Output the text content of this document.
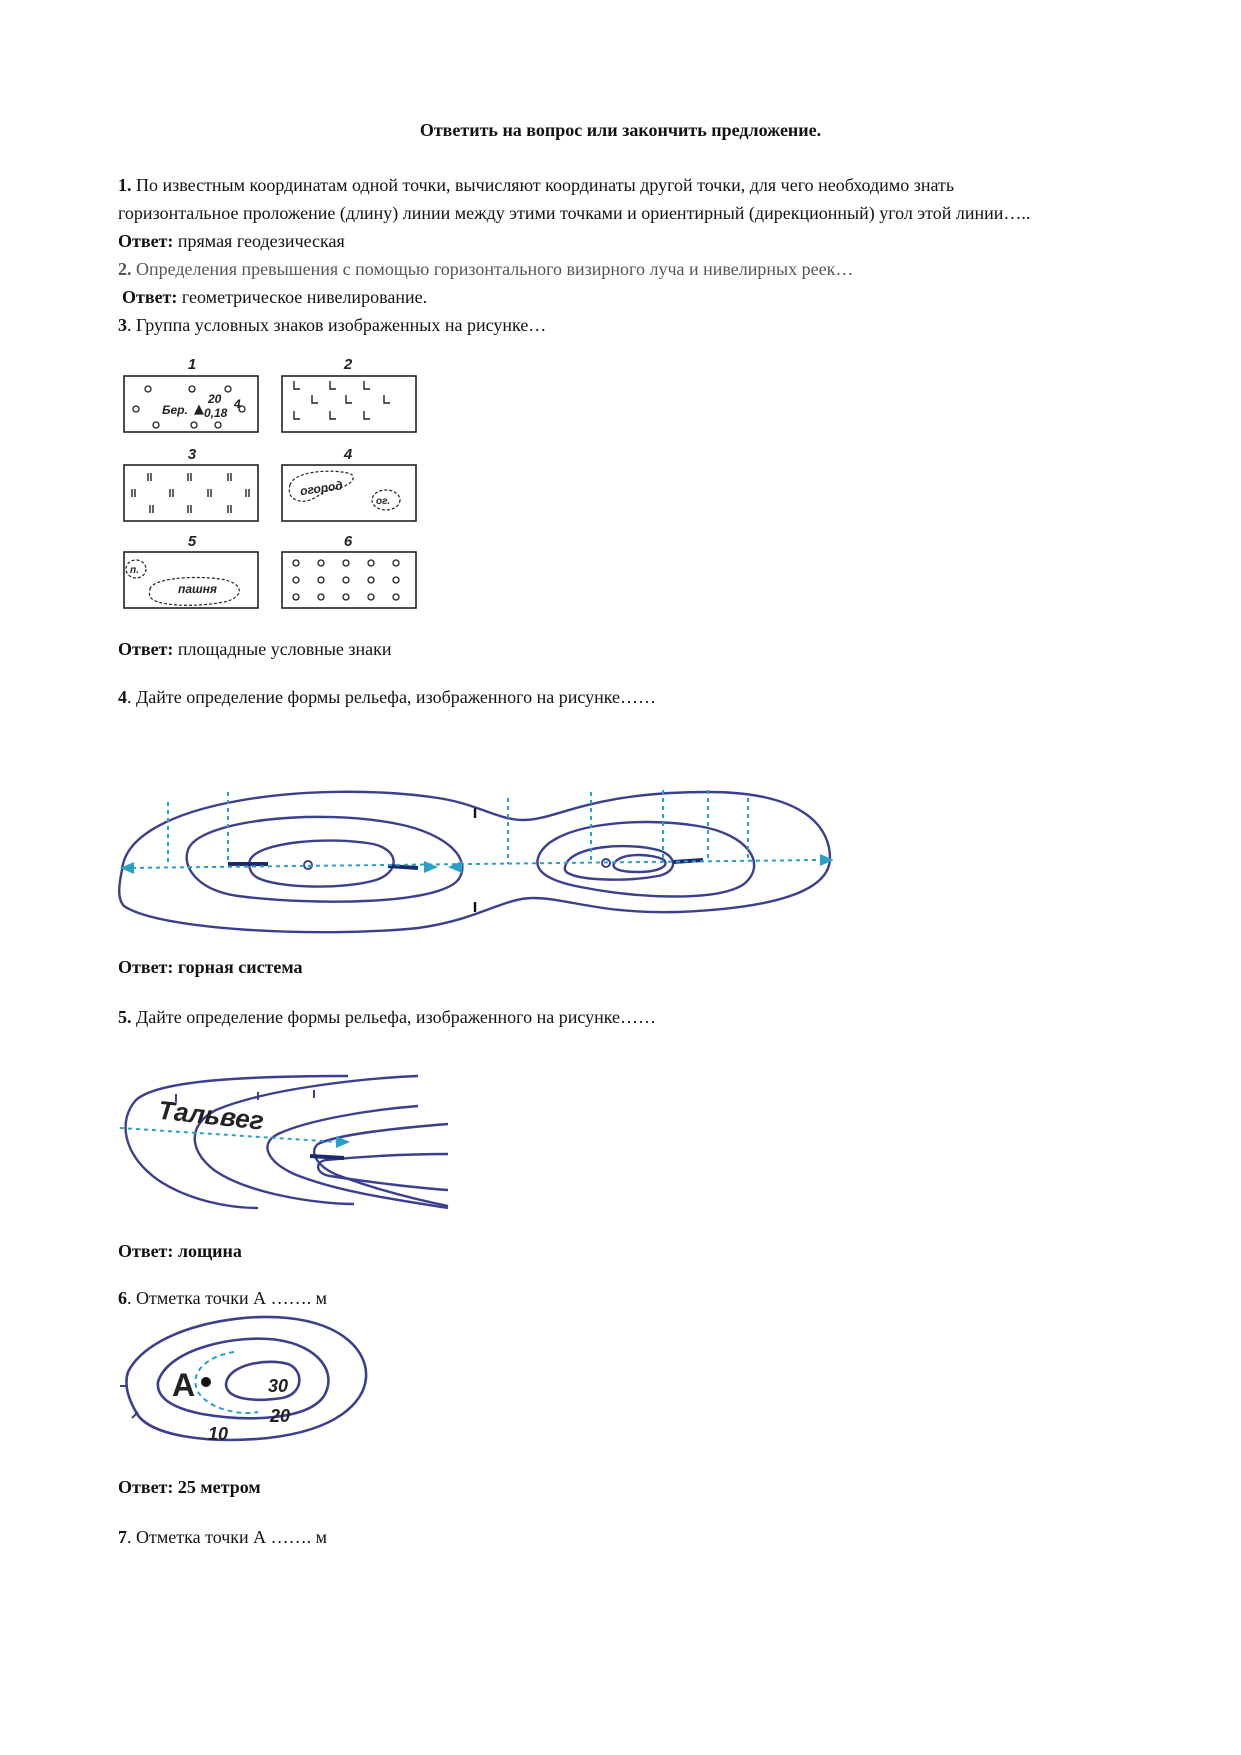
Ответить на вопрос или закончить предложение.
1. По известным координатам одной точки, вычисляют координаты другой точки, для чего необходимо знать
горизонтальное проложение (длину) линии между этими точками и ориентирный (дирекционный) угол этой линии…..
Ответ: прямая геодезическая
2. Определения превышения с помощью горизонтального визирного луча и нивелирных реек…
Ответ: геометрическое нивелирование.
3. Группа условных знаков изображенных на рисунке…
1	2
3	4
5	6
Бер.
20 4
0,18
огород
ог.
п.
пашня
Ответ: площадные условные знаки
4. Дайте определение формы рельефа, изображенного на рисунке……
Ответ: горная система
5. Дайте определение формы рельефа, изображенного на рисунке……
Тальвег
Ответ: лощина
6. Отметка точки А ……. м
А	30
20
10
Ответ: 25 метром
7. Отметка точки А ……. м
